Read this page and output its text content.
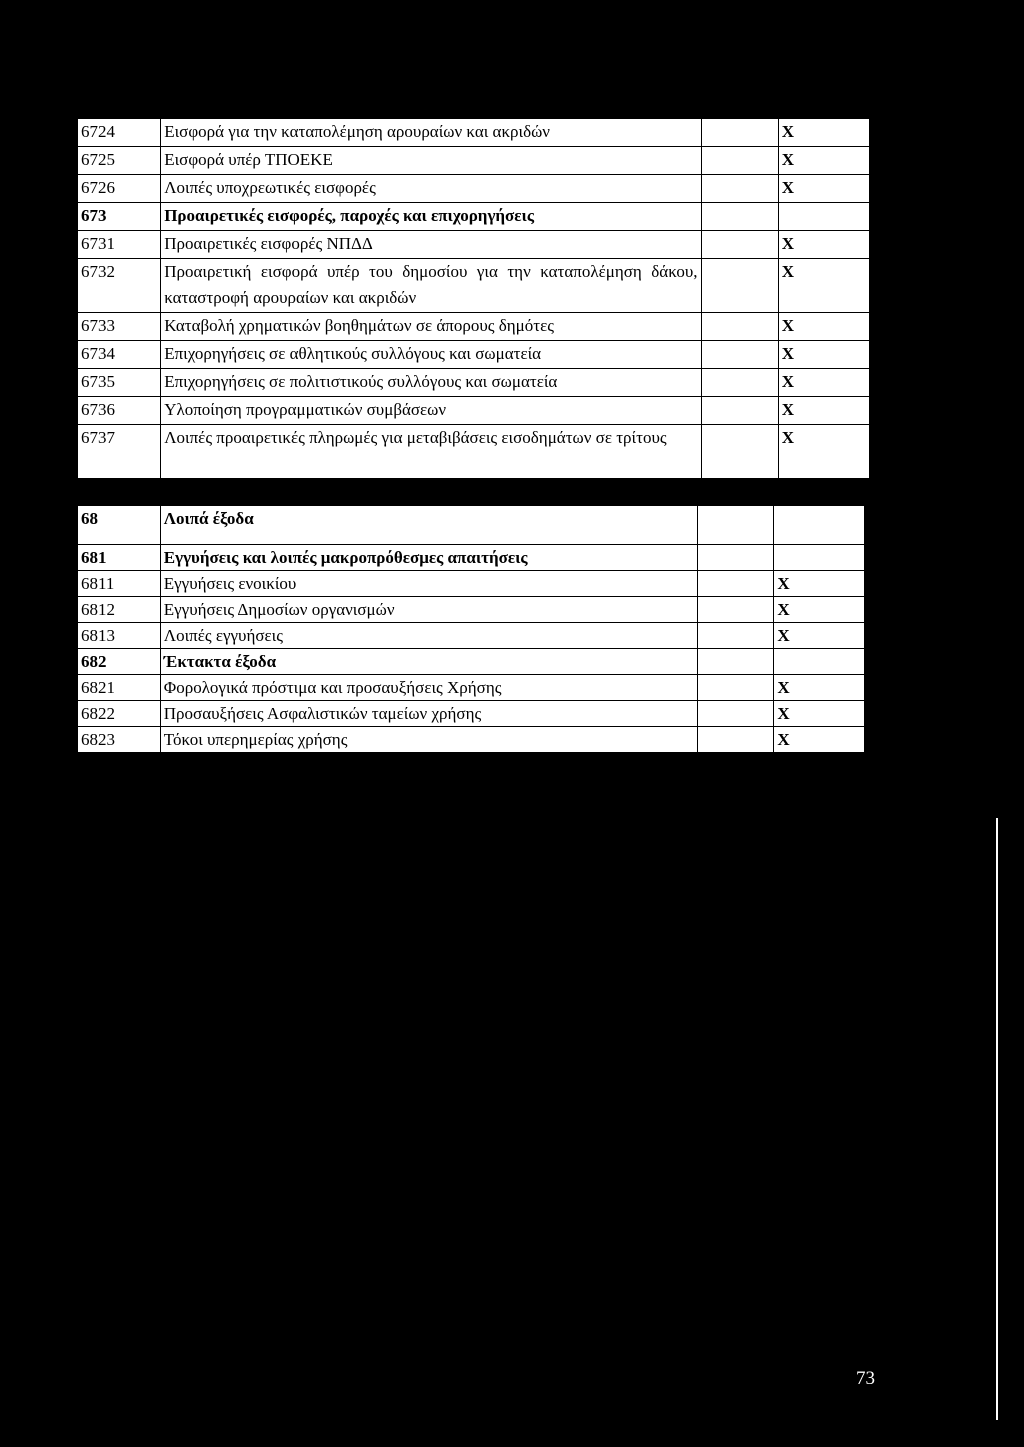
6724	Εισφορά για την καταπολέμηση αρουραίων και ακριδών		Χ
6725	Εισφορά υπέρ ΤΠΟΕΚΕ		Χ
6726	Λοιπές υποχρεωτικές εισφορές		Χ
673	Προαιρετικές εισφορές, παροχές και επιχορηγήσεις		
6731	Προαιρετικές εισφορές ΝΠΔΔ		Χ
6732	Προαιρετική εισφορά υπέρ του δημοσίου για την καταπολέμηση δάκου, καταστροφή αρουραίων και ακριδών		Χ
6733	Καταβολή χρηματικών βοηθημάτων σε άπορους δημότες		Χ
6734	Επιχορηγήσεις σε αθλητικούς συλλόγους και σωματεία		Χ
6735	Επιχορηγήσεις σε πολιτιστικούς συλλόγους και σωματεία		Χ
6736	Υλοποίηση προγραμματικών συμβάσεων		Χ
6737	Λοιπές προαιρετικές πληρωμές για μεταβιβάσεις εισοδημάτων σε τρίτους		Χ
68	Λοιπά έξοδα		
681	Εγγυήσεις και λοιπές μακροπρόθεσμες απαιτήσεις		
6811	Εγγυήσεις ενοικίου		Χ
6812	Εγγυήσεις Δημοσίων οργανισμών		Χ
6813	Λοιπές εγγυήσεις		Χ
682	Έκτακτα έξοδα		
6821	Φορολογικά πρόστιμα και προσαυξήσεις Χρήσης		Χ
6822	Προσαυξήσεις Ασφαλιστικών ταμείων χρήσης		Χ
6823	Τόκοι υπερημερίας χρήσης		Χ
73
